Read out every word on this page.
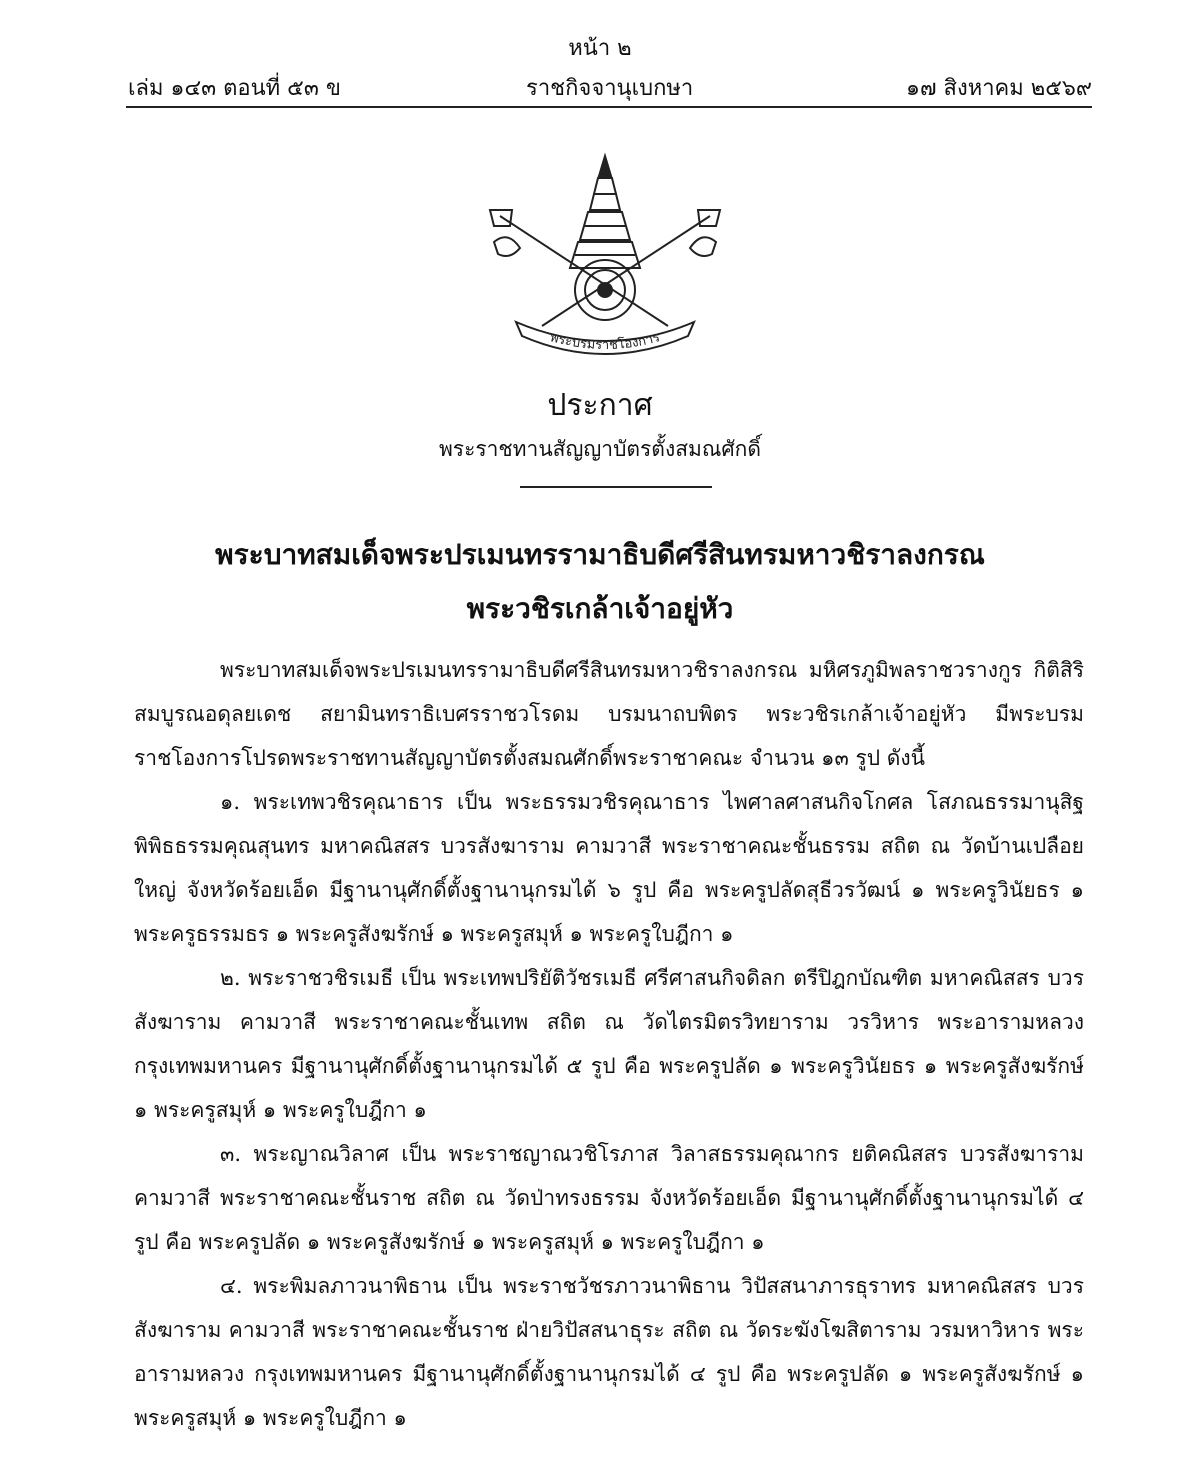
หน้า ๒
เล่ม ๑๔๓ ตอนที่ ๕๓ ข	ราชกิจจานุเบกษา	๑๗ สิงหาคม ๒๕๖๙
พระบรมราชโองการ
ประกาศ
พระราชทานสัญญาบัตรตั้งสมณศักดิ์
พระบาทสมเด็จพระปรเมนทรรามาธิบดีศรีสินทรมหาวชิราลงกรณ
พระวชิรเกล้าเจ้าอยู่หัว

พระบาทสมเด็จพระปรเมนทรรามาธิบดีศรีสินทรมหาวชิราลงกรณ มหิศรภูมิพลราชวรางกูร กิติสิริสมบูรณอดุลยเดช สยามินทราธิเบศรราชวโรดม บรมนาถบพิตร พระวชิรเกล้าเจ้าอยู่หัว มีพระบรมราชโองการโปรดพระราชทานสัญญาบัตรตั้งสมณศักดิ์พระราชาคณะ จำนวน ๑๓ รูป ดังนี้

๑. พระเทพวชิรคุณาธาร เป็น พระธรรมวชิรคุณาธาร ไพศาลศาสนกิจโกศล โสภณธรรมานุสิฐ พิพิธธรรมคุณสุนทร มหาคณิสสร บวรสังฆาราม คามวาสี พระราชาคณะชั้นธรรม สถิต ณ วัดบ้านเปลือยใหญ่ จังหวัดร้อยเอ็ด มีฐานานุศักดิ์ตั้งฐานานุกรมได้ ๖ รูป คือ พระครูปลัดสุธีวรวัฒน์ ๑ พระครูวินัยธร ๑ พระครูธรรมธร ๑ พระครูสังฆรักษ์ ๑ พระครูสมุห์ ๑ พระครูใบฎีกา ๑

๒. พระราชวชิรเมธี เป็น พระเทพปริยัติวัชรเมธี ศรีศาสนกิจดิลก ตรีปิฎกบัณฑิต มหาคณิสสร บวรสังฆาราม คามวาสี พระราชาคณะชั้นเทพ สถิต ณ วัดไตรมิตรวิทยาราม วรวิหาร พระอารามหลวง กรุงเทพมหานคร มีฐานานุศักดิ์ตั้งฐานานุกรมได้ ๕ รูป คือ พระครูปลัด ๑ พระครูวินัยธร ๑ พระครูสังฆรักษ์ ๑ พระครูสมุห์ ๑ พระครูใบฎีกา ๑

๓. พระญาณวิลาศ เป็น พระราชญาณวชิโรภาส วิลาสธรรมคุณากร ยติคณิสสร บวรสังฆาราม คามวาสี พระราชาคณะชั้นราช สถิต ณ วัดป่าทรงธรรม จังหวัดร้อยเอ็ด มีฐานานุศักดิ์ตั้งฐานานุกรมได้ ๔ รูป คือ พระครูปลัด ๑ พระครูสังฆรักษ์ ๑ พระครูสมุห์ ๑ พระครูใบฎีกา ๑

๔. พระพิมลภาวนาพิธาน เป็น พระราชวัชรภาวนาพิธาน วิปัสสนาภารธุราทร มหาคณิสสร บวรสังฆาราม คามวาสี พระราชาคณะชั้นราช ฝ่ายวิปัสสนาธุระ สถิต ณ วัดระฆังโฆสิตาราม วรมหาวิหาร พระอารามหลวง กรุงเทพมหานคร มีฐานานุศักดิ์ตั้งฐานานุกรมได้ ๔ รูป คือ พระครูปลัด ๑ พระครูสังฆรักษ์ ๑ พระครูสมุห์ ๑ พระครูใบฎีกา ๑
